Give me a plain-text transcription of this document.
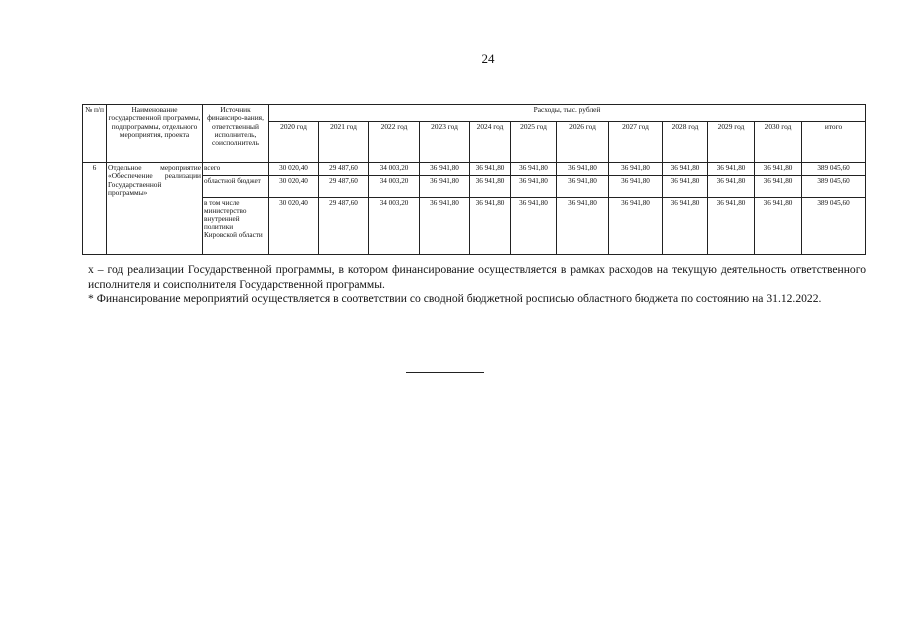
24
№ п/п	Наименование государственной программы, подпрограммы, отдельного мероприятия, проекта	Источник финансиро-вания, ответственный исполнитель, соисполнитель	Расходы, тыс. рублей											
			2020 год	2021 год	2022 год	2023 год	2024 год	2025 год	2026 год	2027 год	2028 год	2029 год	2030 год	итого
6	Отдельное мероприятие «Обеспечение реализации Государственной программы»	всего	30 020,40	29 487,60	34 003,20	36 941,80	36 941,80	36 941,80	36 941,80	36 941,80	36 941,80	36 941,80	36 941,80	389 045,60
		областной бюджет	30 020,40	29 487,60	34 003,20	36 941,80	36 941,80	36 941,80	36 941,80	36 941,80	36 941,80	36 941,80	36 941,80	389 045,60
		в том числе министерство внутренней политики Кировской области	30 020,40	29 487,60	34 003,20	36 941,80	36 941,80	36 941,80	36 941,80	36 941,80	36 941,80	36 941,80	36 941,80	389 045,60

x – год реализации Государственной программы, в котором финансирование осуществляется в рамках расходов на текущую деятельность ответственного исполнителя и соисполнителя Государственной программы.

* Финансирование мероприятий осуществляется в соответствии со сводной бюджетной росписью областного бюджета по состоянию на 31.12.2022.
